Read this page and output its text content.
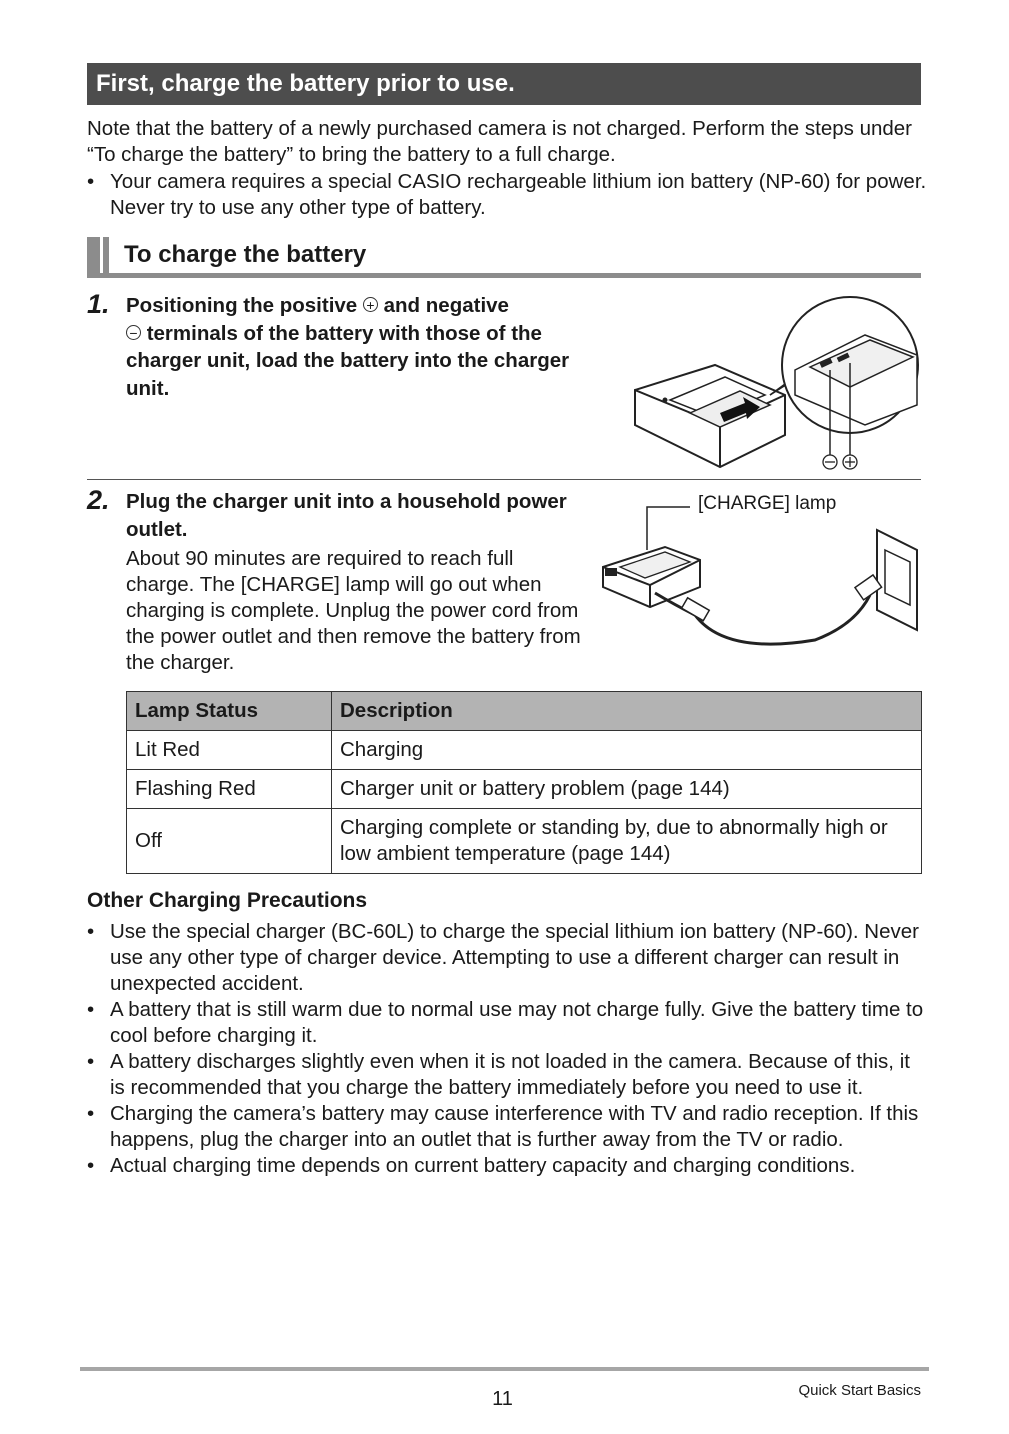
First, charge the battery prior to use.
Note that the battery of a newly purchased camera is not charged. Perform the steps under “To charge the battery” to bring the battery to a full charge.
• Your camera requires a special CASIO rechargeable lithium ion battery (NP-60) for power. Never try to use any other type of battery.
To charge the battery
1. Positioning the positive + and negative
− terminals of the battery with those of the charger unit, load the battery into the charger unit.
2. Plug the charger unit into a household power outlet.
About 90 minutes are required to reach full charge. The [CHARGE] lamp will go out when charging is complete. Unplug the power cord from the power outlet and then remove the battery from the charger.
[CHARGE] lamp
Lamp Status	Description
Lit Red	Charging
Flashing Red	Charger unit or battery problem (page 144)
Off	Charging complete or standing by, due to abnormally high or low ambient temperature (page 144)
Other Charging Precautions
• Use the special charger (BC-60L) to charge the special lithium ion battery (NP-60). Never use any other type of charger device. Attempting to use a different charger can result in unexpected accident.
• A battery that is still warm due to normal use may not charge fully. Give the battery time to cool before charging it.
• A battery discharges slightly even when it is not loaded in the camera. Because of this, it is recommended that you charge the battery immediately before you need to use it.
• Charging the camera’s battery may cause interference with TV and radio reception. If this happens, plug the charger into an outlet that is further away from the TV or radio.
• Actual charging time depends on current battery capacity and charging conditions.
11	Quick Start Basics
